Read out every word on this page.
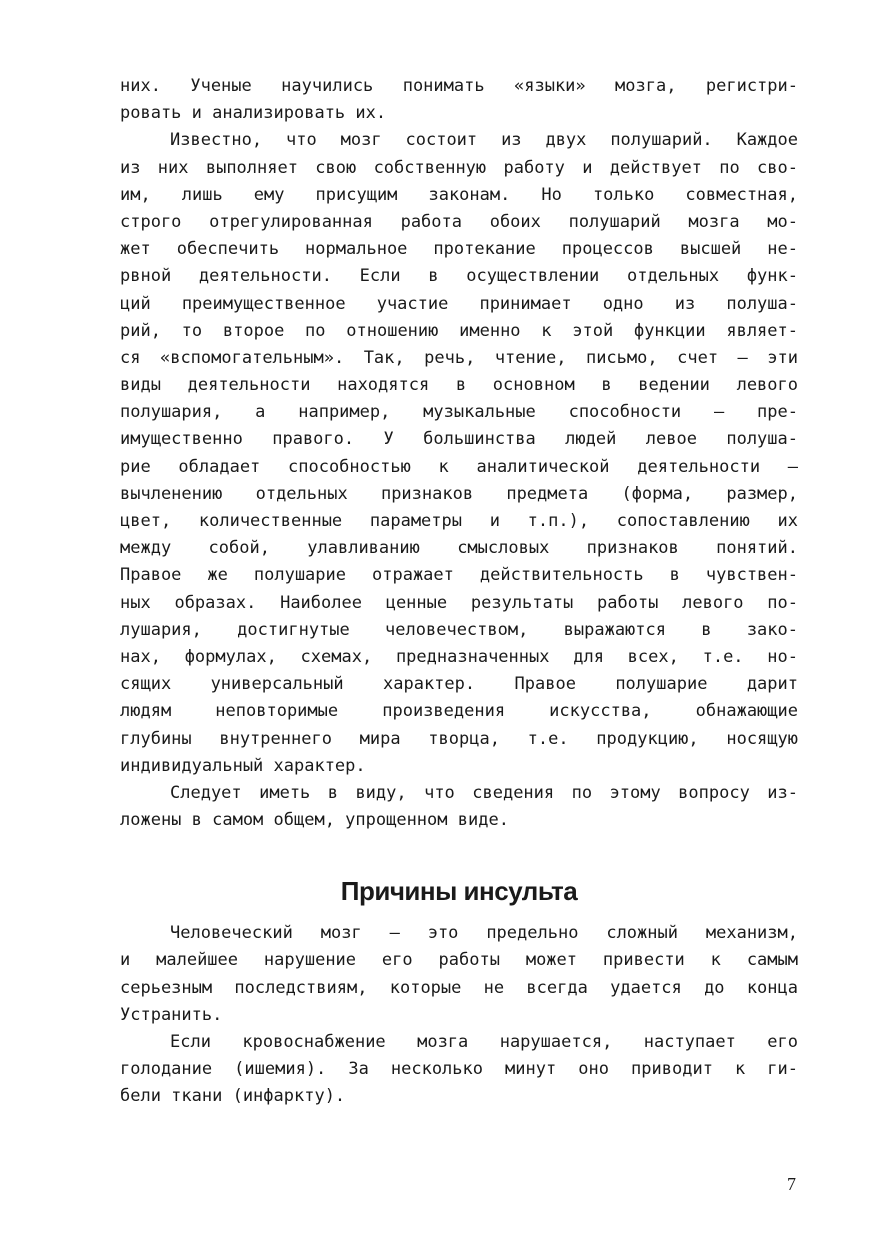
них. Ученые научились понимать «языки» мозга, регистри-
ровать и анализировать их.
Известно, что мозг состоит из двух полушарий. Каждое
из них выполняет свою собственную работу и действует по сво-
им, лишь ему присущим законам. Но только совместная,
строго отрегулированная работа обоих полушарий мозга мо-
жет обеспечить нормальное протекание процессов высшей не-
рвной деятельности. Если в осуществлении отдельных функ-
ций преимущественное участие принимает одно из полуша-
рий, то второе по отношению именно к этой функции являет-
ся «вспомогательным». Так, речь, чтение, письмо, счет — эти
виды деятельности находятся в основном в ведении левого
полушария, а например, музыкальные способности — пре-
имущественно правого. У большинства людей левое полуша-
рие обладает способностью к аналитической деятельности —
вычленению отдельных признаков предмета (форма, размер,
цвет, количественные параметры и т.п.), сопоставлению их
между собой, улавливанию смысловых признаков понятий.
Правое же полушарие отражает действительность в чувствен-
ных образах. Наиболее ценные результаты работы левого по-
лушария, достигнутые человечеством, выражаются в зако-
нах, формулах, схемах, предназначенных для всех, т.е. но-
сящих универсальный характер. Правое полушарие дарит
людям неповторимые произведения искусства, обнажающие
глубины внутреннего мира творца, т.е. продукцию, носящую
индивидуальный характер.
Следует иметь в виду, что сведения по этому вопросу из-
ложены в самом общем, упрощенном виде.
Причины инсульта
Человеческий мозг — это предельно сложный механизм,
и малейшее нарушение его работы может привести к самым
серьезным последствиям, которые не всегда удается до конца
Устранить.
Если кровоснабжение мозга нарушается, наступает его
голодание (ишемия). За несколько минут оно приводит к ги-
бели ткани (инфаркту).
7
